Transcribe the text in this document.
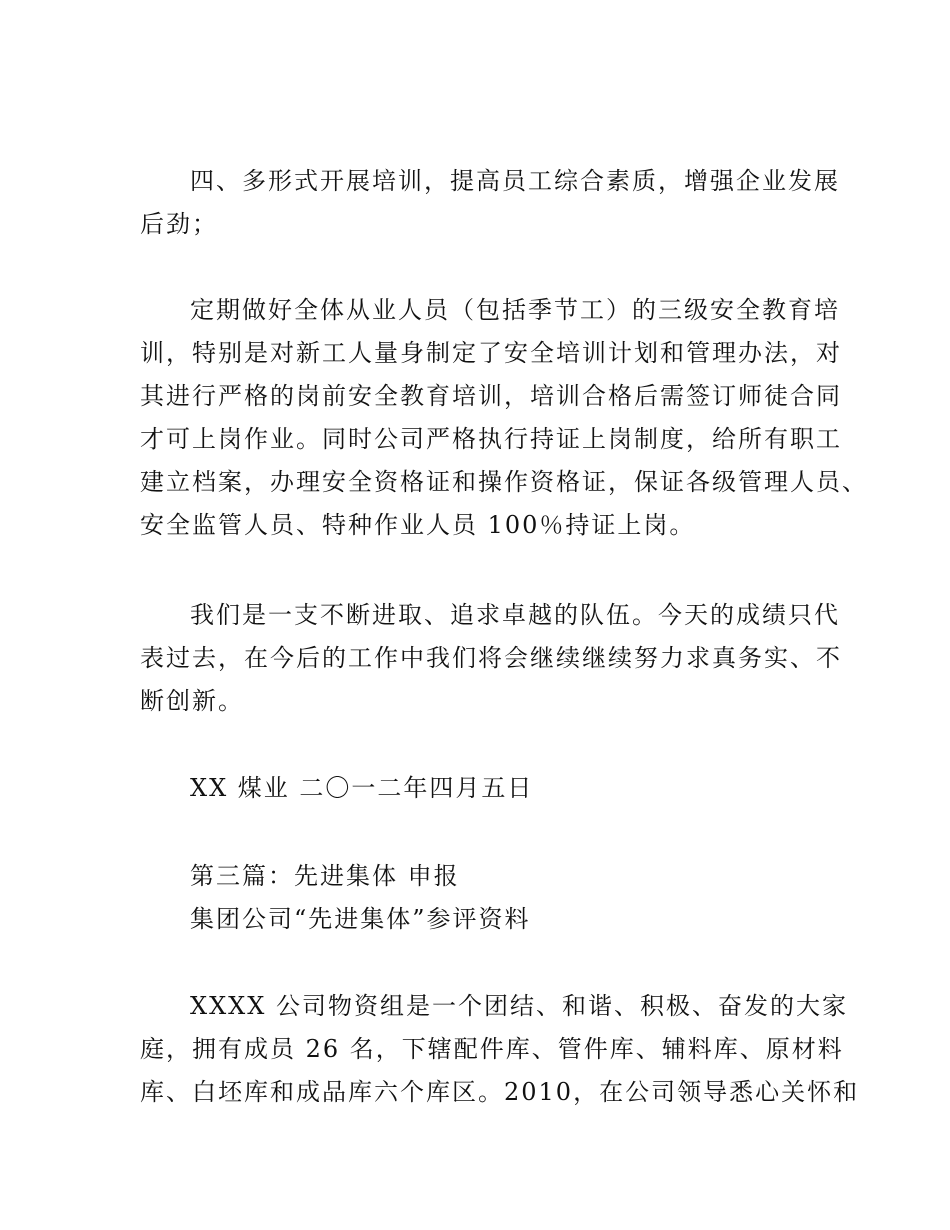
四、多形式开展培训，提高员工综合素质，增强企业发展
后劲；
定期做好全体从业人员（包括季节工）的三级安全教育培
训，特别是对新工人量身制定了安全培训计划和管理办法，对
其进行严格的岗前安全教育培训，培训合格后需签订师徒合同
才可上岗作业。同时公司严格执行持证上岗制度，给所有职工
建立档案，办理安全资格证和操作资格证，保证各级管理人员、
安全监管人员、特种作业人员 100％持证上岗。
我们是一支不断进取、追求卓越的队伍。今天的成绩只代
表过去，在今后的工作中我们将会继续继续努力求真务实、不
断创新。
XX 煤业 二〇一二年四月五日
第三篇：先进集体 申报
集团公司“先进集体”参评资料
XXXX 公司物资组是一个团结、和谐、积极、奋发的大家
庭，拥有成员 26 名，下辖配件库、管件库、辅料库、原材料
库、白坯库和成品库六个库区。2010，在公司领导悉心关怀和
